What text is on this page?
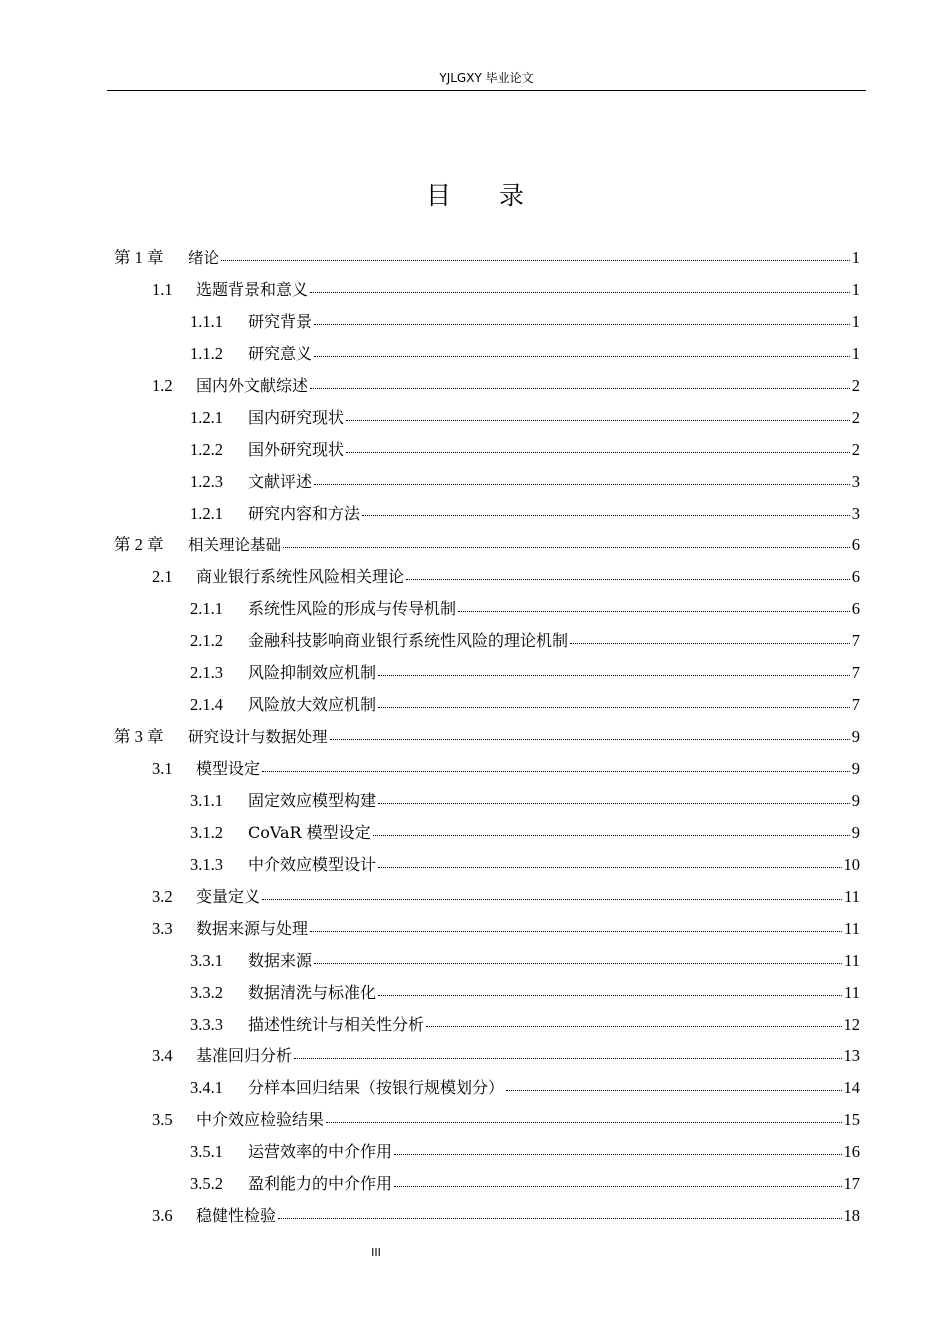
YJLGXY 毕业论文
目 录
第 1 章	绪论	1
1.1	选题背景和意义	1
1.1.1	研究背景	1
1.1.2	研究意义	1
1.2	国内外文献综述	2
1.2.1	国内研究现状	2
1.2.2	国外研究现状	2
1.2.3	文献评述	3
1.2.1	研究内容和方法	3
第 2 章	相关理论基础	6
2.1	商业银行系统性风险相关理论	6
2.1.1	系统性风险的形成与传导机制	6
2.1.2	金融科技影响商业银行系统性风险的理论机制	7
2.1.3	风险抑制效应机制	7
2.1.4	风险放大效应机制	7
第 3 章	研究设计与数据处理	9
3.1	模型设定	9
3.1.1	固定效应模型构建	9
3.1.2	CoVaR 模型设定	9
3.1.3	中介效应模型设计	10
3.2	变量定义	11
3.3	数据来源与处理	11
3.3.1	数据来源	11
3.3.2	数据清洗与标准化	11
3.3.3	描述性统计与相关性分析	12
3.4	基准回归分析	13
3.4.1	分样本回归结果（按银行规模划分）	14
3.5	中介效应检验结果	15
3.5.1	运营效率的中介作用	16
3.5.2	盈利能力的中介作用	17
3.6	稳健性检验	18
III
